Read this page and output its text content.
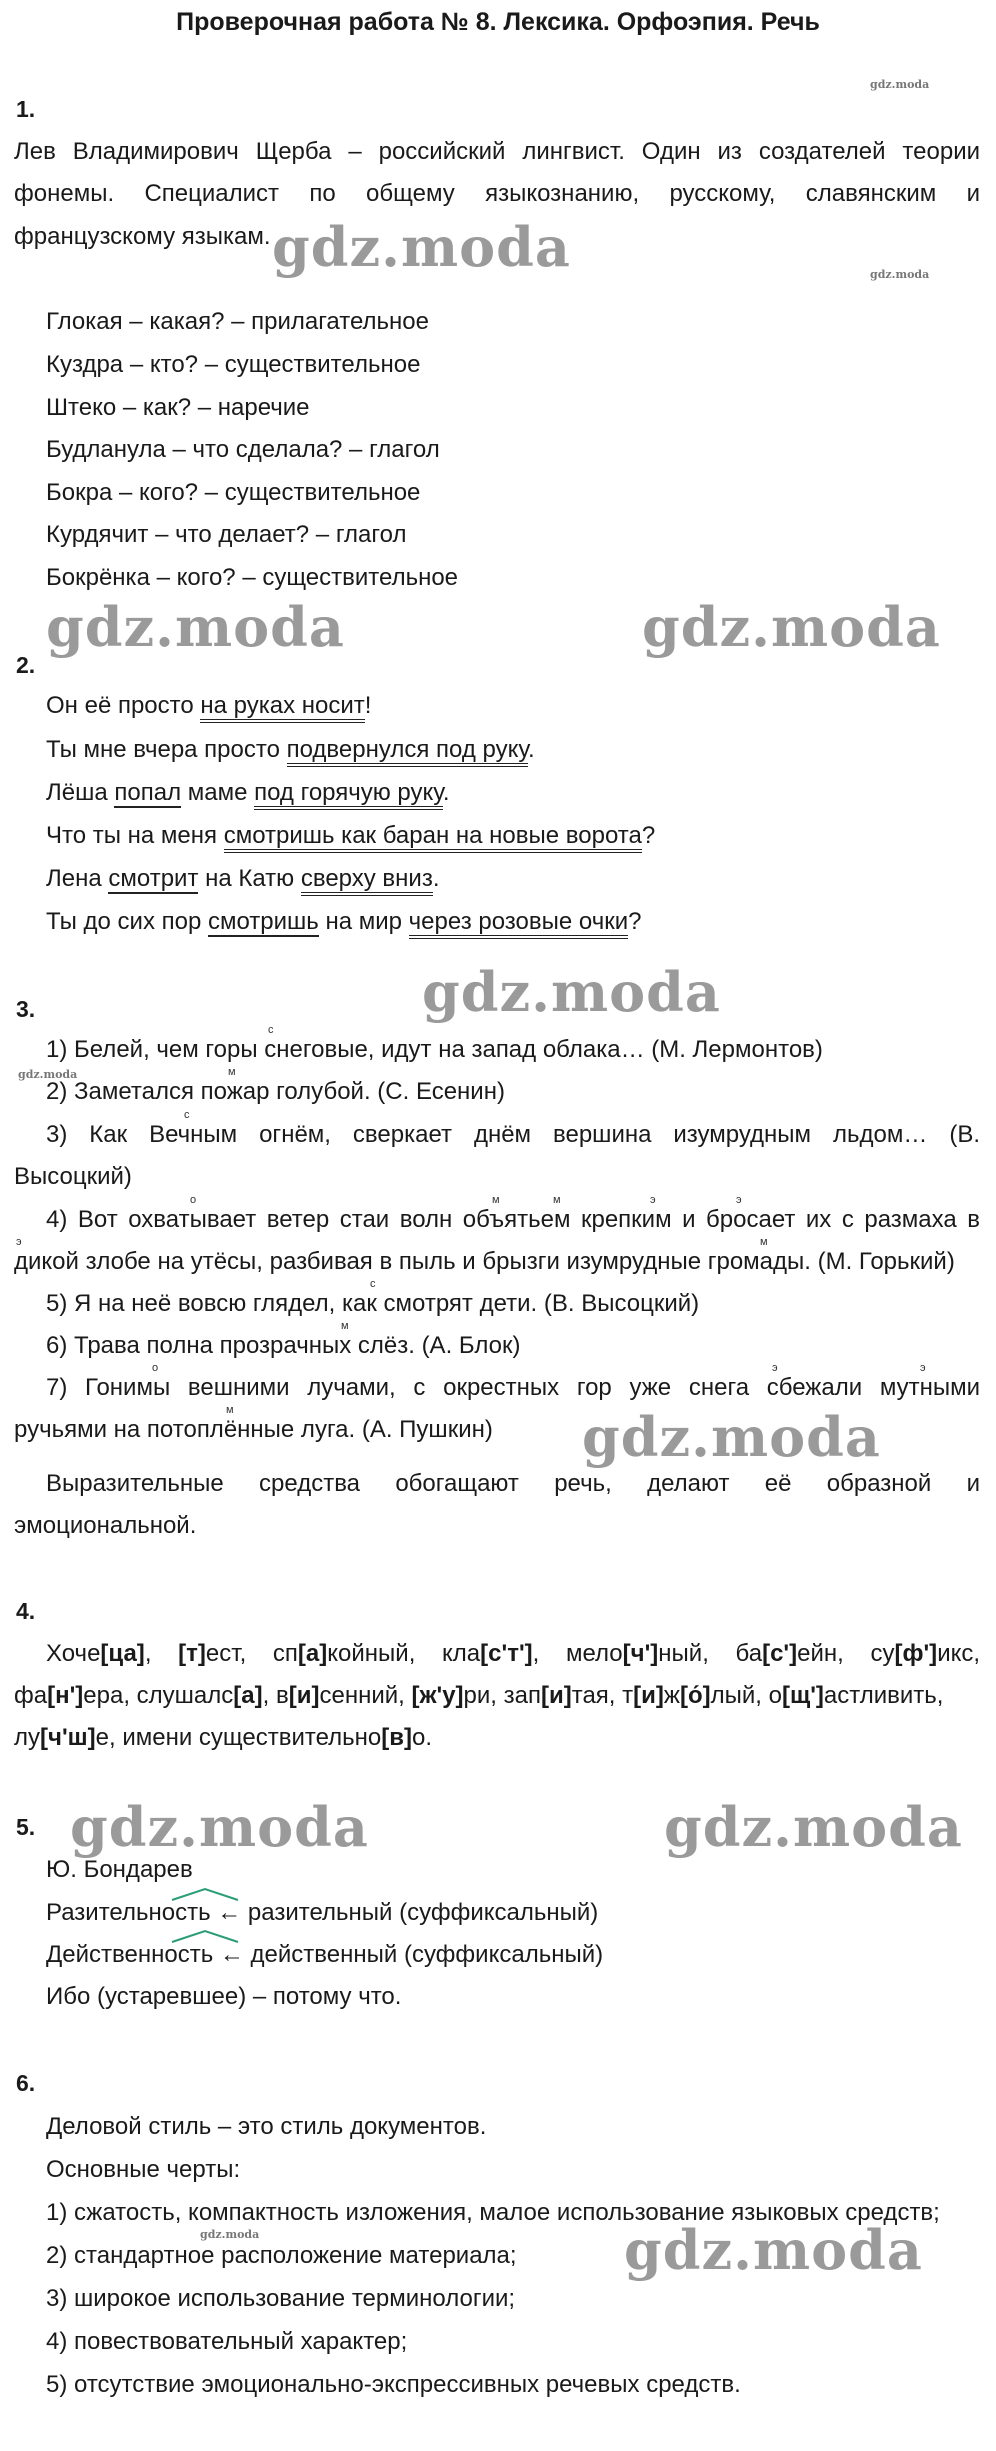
Проверочная работа № 8. Лексика. Орфоэпия. Речь
gdz.moda
gdz.moda	gdz.moda
gdz.moda
gdz.moda
gdz.moda	gdz.moda
gdz.moda
gdz.moda
gdz.moda
gdz.moda
gdz.moda
1.
Лев Владимирович Щерба – российский лингвист. Один из создателей теории
фонемы. Специалист по общему языкознанию, русскому, славянским и
французскому языкам.
Глокая – какая? – прилагательное
Куздра – кто? – существительное
Штеко – как? – наречие
Будланула – что сделала? – глагол
Бокра – кого? – существительное
Курдячит – что делает? – глагол
Бокрёнка – кого? – существительное
2.
Он её просто на руках носит!
Ты мне вчера просто подвернулся под руку.
Лёша попал маме под горячую руку.
Что ты на меня смотришь как баран на новые ворота?
Лена смотрит на Катю сверху вниз.
Ты до сих пор смотришь на мир через розовые очки?
3.
с
1) Белей, чем горы снеговые, идут на запад облака… (М. Лермонтов)
м
2) Заметался пожар голубой. (С. Есенин)
с
3) Как Вечным огнём, сверкает днём вершина изумрудным льдом… (В.
Высоцкий)
о	м	м	э	э
4) Вот охватывает ветер стаи волн объятьем крепким и бросает их с размаха в
э	м
дикой злобе на утёсы, разбивая в пыль и брызги изумрудные громады. (М. Горький)
с
5) Я на неё вовсю глядел, как смотрят дети. (В. Высоцкий)
м
6) Трава полна прозрачных слёз. (А. Блок)
о	э	э
7) Гонимы вешними лучами, с окрестных гор уже снега сбежали мутными
м
ручьями на потоплённые луга. (А. Пушкин)
Выразительные средства обогащают речь, делают её образной и
эмоциональной.
4.
Хоче[ца], [т]ест, сп[а]койный, кла[с'т'], мело[ч']ный, ба[с']ейн, су[ф']икс,
фа[н']ера, слушалс[а], в[и]сенний, [ж'у]ри, зап[и]тая, т[и]ж[о́]лый, о[щ']астливить,
лу[ч'ш]е, имени существительно[в]о.
5.
Ю. Бондарев
Разительность ← разительный (суффиксальный)
Действенность ← действенный (суффиксальный)
Ибо (устаревшее) – потому что.
6.
Деловой стиль – это стиль документов.
Основные черты:
1) сжатость, компактность изложения, малое использование языковых средств;
2) стандартное расположение материала;
3) широкое использование терминологии;
4) повествовательный характер;
5) отсутствие эмоционально-экспрессивных речевых средств.
